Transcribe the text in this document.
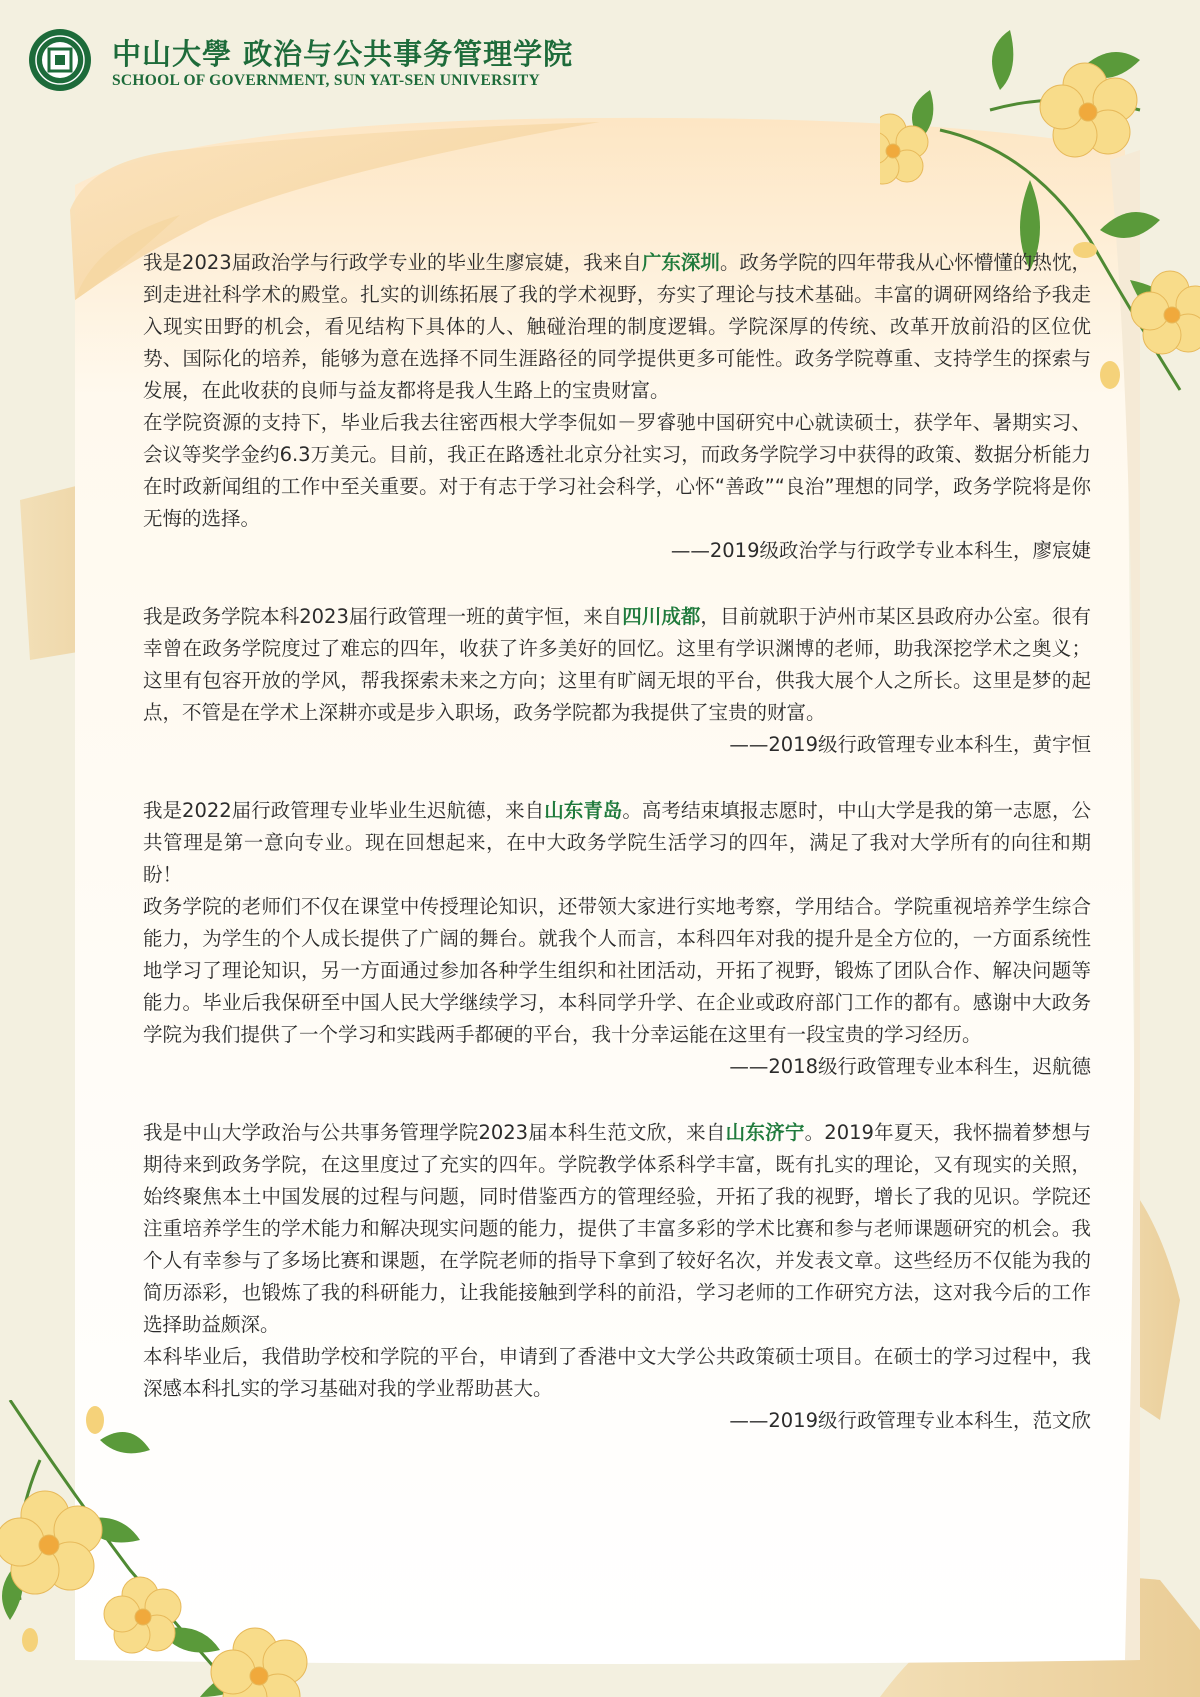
中山大學 政治与公共事务管理学院
SCHOOL OF GOVERNMENT, SUN YAT-SEN UNIVERSITY

我是2023届政治学与行政学专业的毕业生廖宸婕，我来自广东深圳。政务学院的四年带我从心怀懵懂的热忱，到走进社科学术的殿堂。扎实的训练拓展了我的学术视野，夯实了理论与技术基础。丰富的调研网络给予我走入现实田野的机会，看见结构下具体的人、触碰治理的制度逻辑。学院深厚的传统、改革开放前沿的区位优势、国际化的培养，能够为意在选择不同生涯路径的同学提供更多可能性。政务学院尊重、支持学生的探索与发展，在此收获的良师与益友都将是我人生路上的宝贵财富。

在学院资源的支持下，毕业后我去往密西根大学李侃如－罗睿驰中国研究中心就读硕士，获学年、暑期实习、会议等奖学金约6.3万美元。目前，我正在路透社北京分社实习，而政务学院学习中获得的政策、数据分析能力在时政新闻组的工作中至关重要。对于有志于学习社会科学，心怀“善政”“良治”理想的同学，政务学院将是你无悔的选择。

——2019级政治学与行政学专业本科生，廖宸婕

我是政务学院本科2023届行政管理一班的黄宇恒，来自四川成都，目前就职于泸州市某区县政府办公室。很有幸曾在政务学院度过了难忘的四年，收获了许多美好的回忆。这里有学识渊博的老师，助我深挖学术之奥义；这里有包容开放的学风，帮我探索未来之方向；这里有旷阔无垠的平台，供我大展个人之所长。这里是梦的起点，不管是在学术上深耕亦或是步入职场，政务学院都为我提供了宝贵的财富。

——2019级行政管理专业本科生，黄宇恒

我是2022届行政管理专业毕业生迟航德，来自山东青岛。高考结束填报志愿时，中山大学是我的第一志愿，公共管理是第一意向专业。现在回想起来，在中大政务学院生活学习的四年，满足了我对大学所有的向往和期盼！

政务学院的老师们不仅在课堂中传授理论知识，还带领大家进行实地考察，学用结合。学院重视培养学生综合能力，为学生的个人成长提供了广阔的舞台。就我个人而言，本科四年对我的提升是全方位的，一方面系统性地学习了理论知识，另一方面通过参加各种学生组织和社团活动，开拓了视野，锻炼了团队合作、解决问题等能力。毕业后我保研至中国人民大学继续学习，本科同学升学、在企业或政府部门工作的都有。感谢中大政务学院为我们提供了一个学习和实践两手都硬的平台，我十分幸运能在这里有一段宝贵的学习经历。

——2018级行政管理专业本科生，迟航德

我是中山大学政治与公共事务管理学院2023届本科生范文欣，来自山东济宁。2019年夏天，我怀揣着梦想与期待来到政务学院，在这里度过了充实的四年。学院教学体系科学丰富，既有扎实的理论，又有现实的关照，始终聚焦本土中国发展的过程与问题，同时借鉴西方的管理经验，开拓了我的视野，增长了我的见识。学院还注重培养学生的学术能力和解决现实问题的能力，提供了丰富多彩的学术比赛和参与老师课题研究的机会。我个人有幸参与了多场比赛和课题，在学院老师的指导下拿到了较好名次，并发表文章。这些经历不仅能为我的简历添彩，也锻炼了我的科研能力，让我能接触到学科的前沿，学习老师的工作研究方法，这对我今后的工作选择助益颇深。

本科毕业后，我借助学校和学院的平台，申请到了香港中文大学公共政策硕士项目。在硕士的学习过程中，我深感本科扎实的学习基础对我的学业帮助甚大。

——2019级行政管理专业本科生，范文欣
